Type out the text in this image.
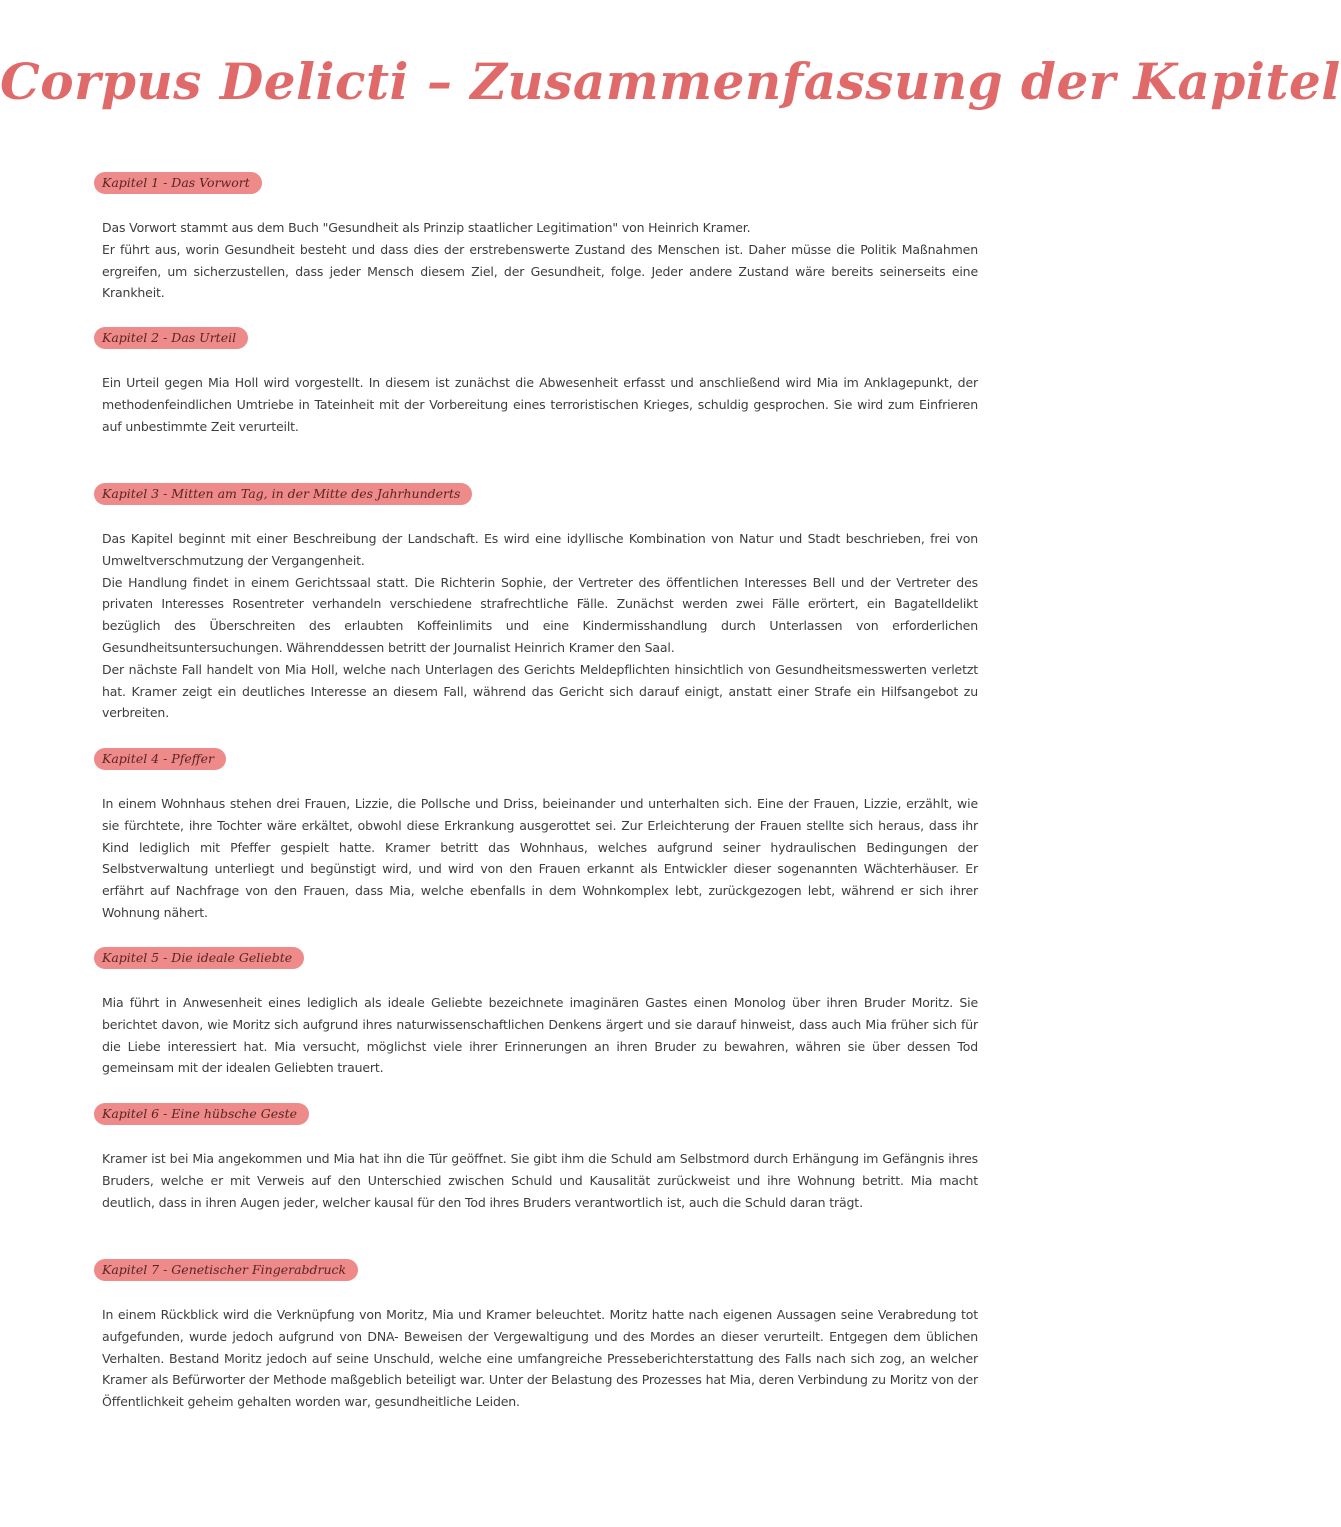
Corpus Delicti – Zusammenfassung der Kapitel
Kapitel 1 - Das Vorwort

Das Vorwort stammt aus dem Buch "Gesundheit als Prinzip staatlicher Legitimation" von Heinrich Kramer.

Er führt aus, worin Gesundheit besteht und dass dies der erstrebenswerte Zustand des Menschen ist. Daher müsse die Politik Maßnahmen ergreifen, um sicherzustellen, dass jeder Mensch diesem Ziel, der Gesundheit, folge. Jeder andere Zustand wäre bereits seinerseits eine Krankheit.

Kapitel 2 - Das Urteil

Ein Urteil gegen Mia Holl wird vorgestellt. In diesem ist zunächst die Abwesenheit erfasst und anschließend wird Mia im Anklagepunkt, der methodenfeindlichen Umtriebe in Tateinheit mit der Vorbereitung eines terroristischen Krieges, schuldig gesprochen. Sie wird zum Einfrieren auf unbestimmte Zeit verurteilt.

Kapitel 3 - Mitten am Tag, in der Mitte des Jahrhunderts

Das Kapitel beginnt mit einer Beschreibung der Landschaft. Es wird eine idyllische Kombination von Natur und Stadt beschrieben, frei von Umweltverschmutzung der Vergangenheit.

Die Handlung findet in einem Gerichtssaal statt. Die Richterin Sophie, der Vertreter des öffentlichen Interesses Bell und der Vertreter des privaten Interesses Rosentreter verhandeln verschiedene strafrechtliche Fälle. Zunächst werden zwei Fälle erörtert, ein Bagatelldelikt bezüglich des Überschreiten des erlaubten Koffeinlimits und eine Kindermisshandlung durch Unterlassen von erforderlichen Gesundheitsuntersuchungen. Währenddessen betritt der Journalist Heinrich Kramer den Saal.

Der nächste Fall handelt von Mia Holl, welche nach Unterlagen des Gerichts Meldepflichten hinsichtlich von Gesundheitsmesswerten verletzt hat. Kramer zeigt ein deutliches Interesse an diesem Fall, während das Gericht sich darauf einigt, anstatt einer Strafe ein Hilfsangebot zu verbreiten.

Kapitel 4 - Pfeffer

In einem Wohnhaus stehen drei Frauen, Lizzie, die Pollsche und Driss, beieinander und unterhalten sich. Eine der Frauen, Lizzie, erzählt, wie sie fürchtete, ihre Tochter wäre erkältet, obwohl diese Erkrankung ausgerottet sei. Zur Erleichterung der Frauen stellte sich heraus, dass ihr Kind lediglich mit Pfeffer gespielt hatte. Kramer betritt das Wohnhaus, welches aufgrund seiner hydraulischen Bedingungen der Selbstverwaltung unterliegt und begünstigt wird, und wird von den Frauen erkannt als Entwickler dieser sogenannten Wächterhäuser. Er erfährt auf Nachfrage von den Frauen, dass Mia, welche ebenfalls in dem Wohnkomplex lebt, zurückgezogen lebt, während er sich ihrer Wohnung nähert.

Kapitel 5 - Die ideale Geliebte

Mia führt in Anwesenheit eines lediglich als ideale Geliebte bezeichnete imaginären Gastes einen Monolog über ihren Bruder Moritz. Sie berichtet davon, wie Moritz sich aufgrund ihres naturwissenschaftlichen Denkens ärgert und sie darauf hinweist, dass auch Mia früher sich für die Liebe interessiert hat. Mia versucht, möglichst viele ihrer Erinnerungen an ihren Bruder zu bewahren, währen sie über dessen Tod gemeinsam mit der idealen Geliebten trauert.

Kapitel 6 - Eine hübsche Geste

Kramer ist bei Mia angekommen und Mia hat ihn die Tür geöffnet. Sie gibt ihm die Schuld am Selbstmord durch Erhängung im Gefängnis ihres Bruders, welche er mit Verweis auf den Unterschied zwischen Schuld und Kausalität zurückweist und ihre Wohnung betritt. Mia macht deutlich, dass in ihren Augen jeder, welcher kausal für den Tod ihres Bruders verantwortlich ist, auch die Schuld daran trägt.

Kapitel 7 - Genetischer Fingerabdruck

In einem Rückblick wird die Verknüpfung von Moritz, Mia und Kramer beleuchtet. Moritz hatte nach eigenen Aussagen seine Verabredung tot aufgefunden, wurde jedoch aufgrund von DNA- Beweisen der Vergewaltigung und des Mordes an dieser verurteilt. Entgegen dem üblichen Verhalten. Bestand Moritz jedoch auf seine Unschuld, welche eine umfangreiche Presseberichterstattung des Falls nach sich zog, an welcher Kramer als Befürworter der Methode maßgeblich beteiligt war. Unter der Belastung des Prozesses hat Mia, deren Verbindung zu Moritz von der Öffentlichkeit geheim gehalten worden war, gesundheitliche Leiden.
